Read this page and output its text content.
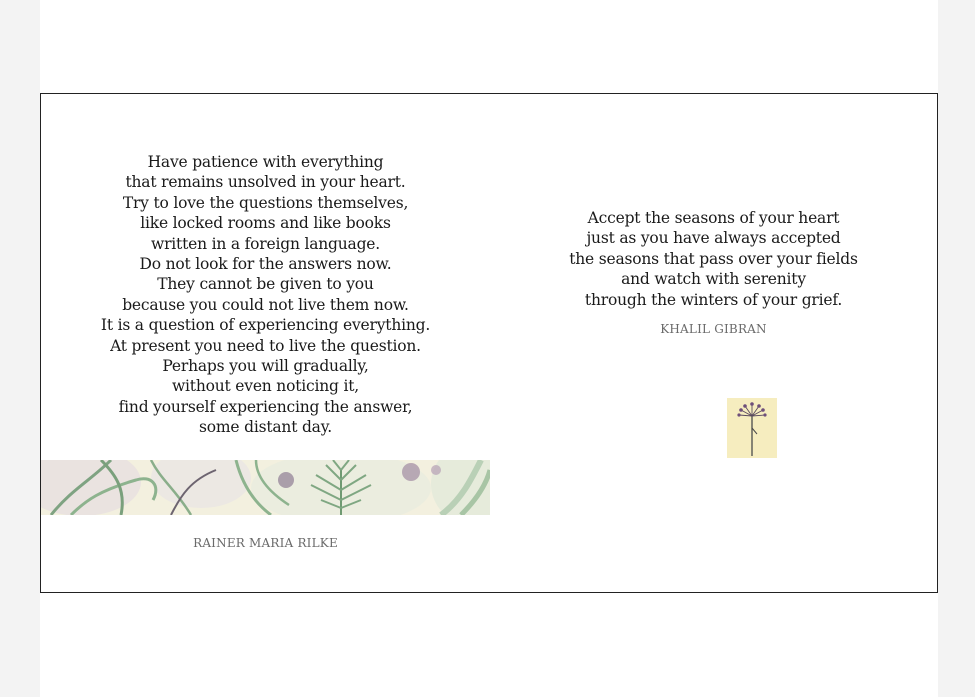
Have patience with everything
that remains unsolved in your heart.
Try to love the questions themselves,
like locked rooms and like books
written in a foreign language.
Do not look for the answers now.
They cannot be given to you
because you could not live them now.
It is a question of experiencing everything.
At present you need to live the question.
Perhaps you will gradually,
without even noticing it,
find yourself experiencing the answer,
some distant day.

RAINER MARIA RILKE

Accept the seasons of your heart
just as you have always accepted
the seasons that pass over your fields
and watch with serenity
through the winters of your grief.

KHALIL GIBRAN
